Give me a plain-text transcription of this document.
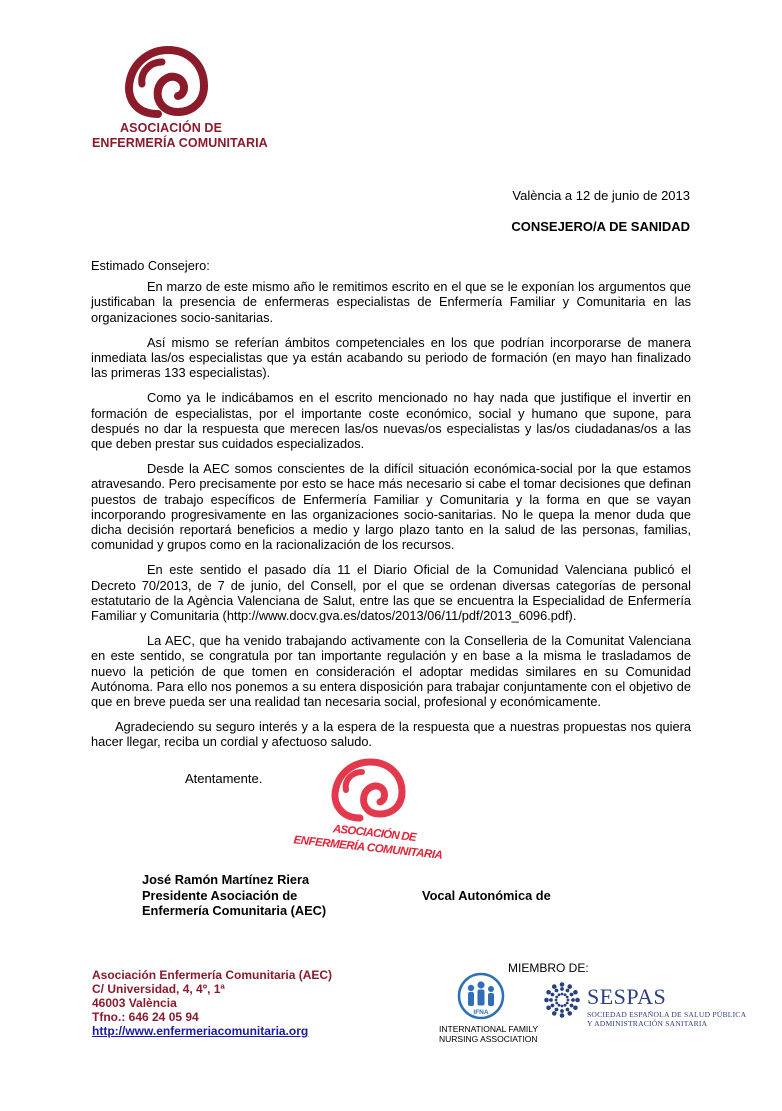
ASOCIACIÓN DE
ENFERMERÍA COMUNITARIA
València a 12 de junio de 2013
CONSEJERO/A DE SANIDAD

Estimado Consejero:

En marzo de este mismo año le remitimos escrito en el que se le exponían los argumentos que justificaban la presencia de enfermeras especialistas de Enfermería Familiar y Comunitaria en las organizaciones socio-sanitarias.

Así mismo se referían ámbitos competenciales en los que podrían incorporarse de manera inmediata las/os especialistas que ya están acabando su periodo de formación (en mayo han finalizado las primeras 133 especialistas).

Como ya le indicábamos en el escrito mencionado no hay nada que justifique el invertir en formación de especialistas, por el importante coste económico, social y humano que supone, para después no dar la respuesta que merecen las/os nuevas/os especialistas y las/os ciudadanas/os a las que deben prestar sus cuidados especializados.

Desde la AEC somos conscientes de la difícil situación económica-social por la que estamos atravesando. Pero precisamente por esto se hace más necesario si cabe el tomar decisiones que definan puestos de trabajo específicos de Enfermería Familiar y Comunitaria y la forma en que se vayan incorporando progresivamente en las organizaciones socio-sanitarias. No le quepa la menor duda que dicha decisión reportará beneficios a medio y largo plazo tanto en la salud de las personas, familias, comunidad y grupos como en la racionalización de los recursos.

En este sentido el pasado día 11 el Diario Oficial de la Comunidad Valenciana publicó el Decreto 70/2013, de 7 de junio, del Consell, por el que se ordenan diversas categorías de personal estatutario de la Agència Valenciana de Salut, entre las que se encuentra la Especialidad de Enfermería Familiar y Comunitaria (http://www.docv.gva.es/datos/2013/06/11/pdf/2013_6096.pdf).

La AEC, que ha venido trabajando activamente con la Conselleria de la Comunitat Valenciana en este sentido, se congratula por tan importante regulación y en base a la misma le trasladamos de nuevo la petición de que tomen en consideración el adoptar medidas similares en su Comunidad Autónoma. Para ello nos ponemos a su entera disposición para trabajar conjuntamente con el objetivo de que en breve pueda ser una realidad tan necesaria social, profesional y económicamente.

Agradeciendo su seguro interés y a la espera de la respuesta que a nuestras propuestas nos quiera hacer llegar, reciba un cordial y afectuoso saludo.

Atentamente.
ASOCIACIÓN DE
ENFERMERÍA COMUNITARIA
José Ramón Martínez Riera
Presidente Asociación de
Enfermería Comunitaria (AEC)
Vocal Autonómica de
Asociación Enfermería Comunitaria (AEC)
C/ Universidad, 4, 4º, 1ª
46003 València
Tfno.: 646 24 05 94
http://www.enfermeriacomunitaria.org
MIEMBRO DE:
IFNA
INTERNATIONAL FAMILY
NURSING ASSOCIATION
SESPAS
SOCIEDAD ESPAÑOLA DE SALUD PÚBLICA
Y ADMINISTRACIÓN SANITARIA
